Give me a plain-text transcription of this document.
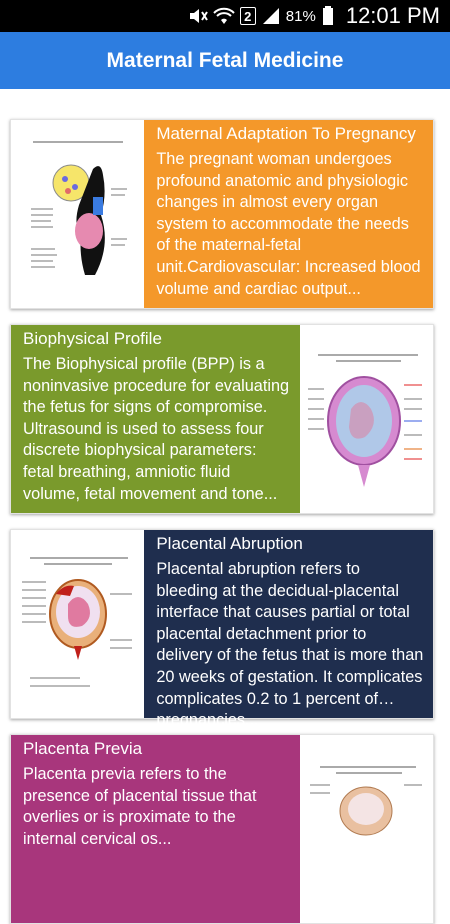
2 81% 12:01 PM
Maternal Fetal Medicine
Maternal Adaptation To Pregnancy
The pregnant woman undergoes profound anatomic and physiologic changes in almost every organ system to accommodate the needs of the maternal-fetal unit.Cardiovascular: Increased blood volume and cardiac output...
Biophysical Profile
The Biophysical profile (BPP) is a noninvasive procedure for evaluating the fetus for signs of compromise. Ultrasound is used to assess four discrete biophysical parameters: fetal breathing, amniotic fluid volume, fetal movement and tone...
Placental Abruption
Placental abruption refers to bleeding at the decidual-placental interface that causes partial or total placental detachment prior to delivery of the fetus that is more than 20 weeks of gestation. It complicates complicates 0.2 to 1 percent of pregnancies...
Placenta Previa
Placenta previa refers to the presence of placental tissue that overlies or is proximate to the internal cervical os...
